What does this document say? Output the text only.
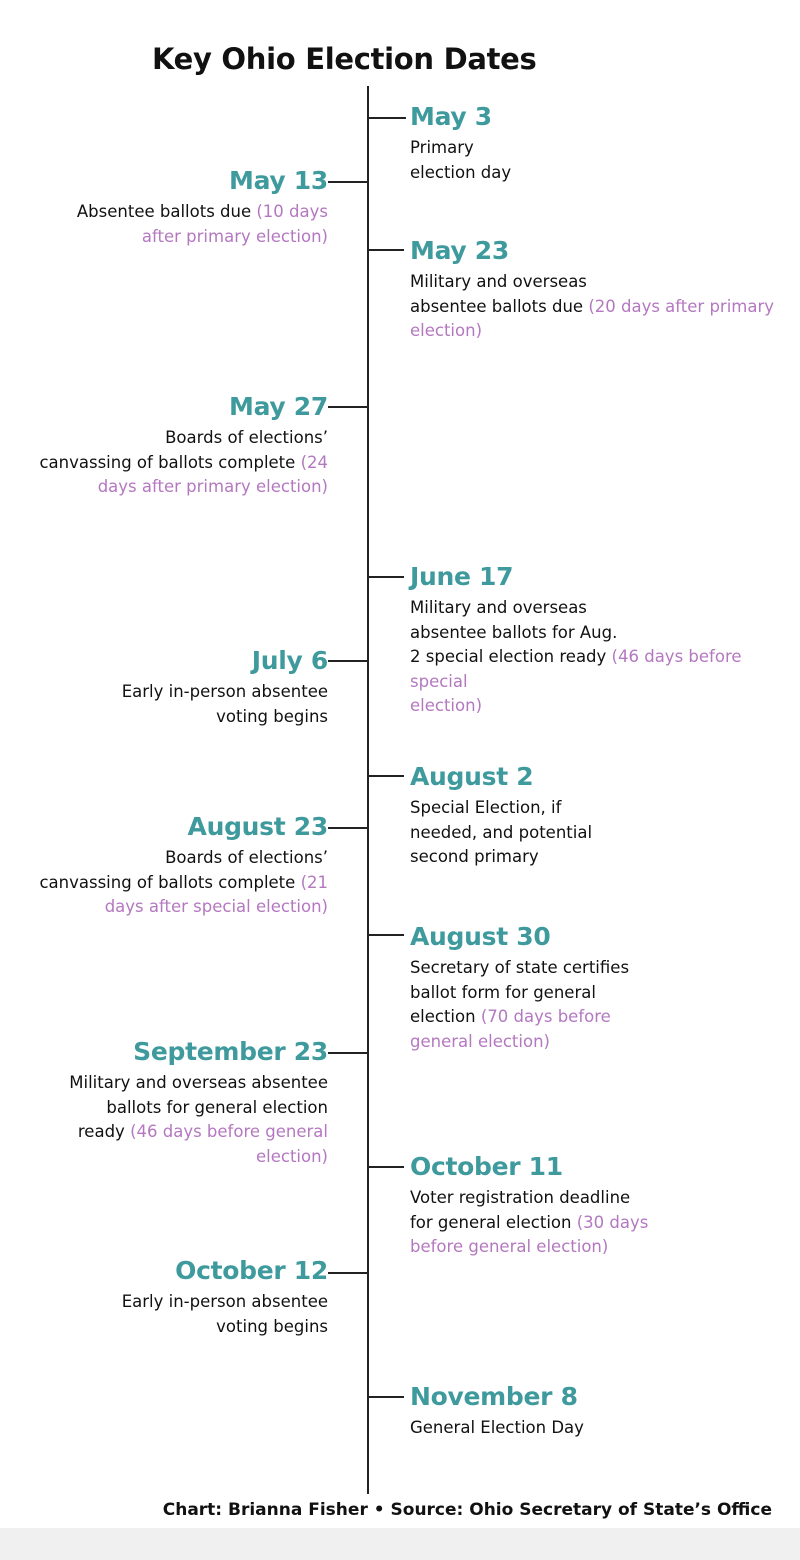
Key Ohio Election Dates
May 3
Primary
election day
May 13
Absentee ballots due (10 days
after primary election)	May 23
Military and overseas
absentee ballots due (20 days after primary
election)
May 27
Boards of elections’
canvassing of ballots complete (24 days after primary election)
June 17
Military and overseas
absentee ballots for Aug.
2 special election ready (46 days before special
election)
July 6
Early in-person absentee
voting begins
August 2
Special Election, if
needed, and potential
second primary
August 23
Boards of elections’
canvassing of ballots complete (21 days after special election)
August 30
Secretary of state certifies
ballot form for general
election (70 days before
general election)
September 23
Military and overseas absentee
ballots for general election
ready (46 days before general
election)	October 11
Voter registration deadline
for general election (30 days
before general election)
October 12
Early in-person absentee
voting begins
November 8
General Election Day
Chart: Brianna Fisher • Source: Ohio Secretary of State’s Office
